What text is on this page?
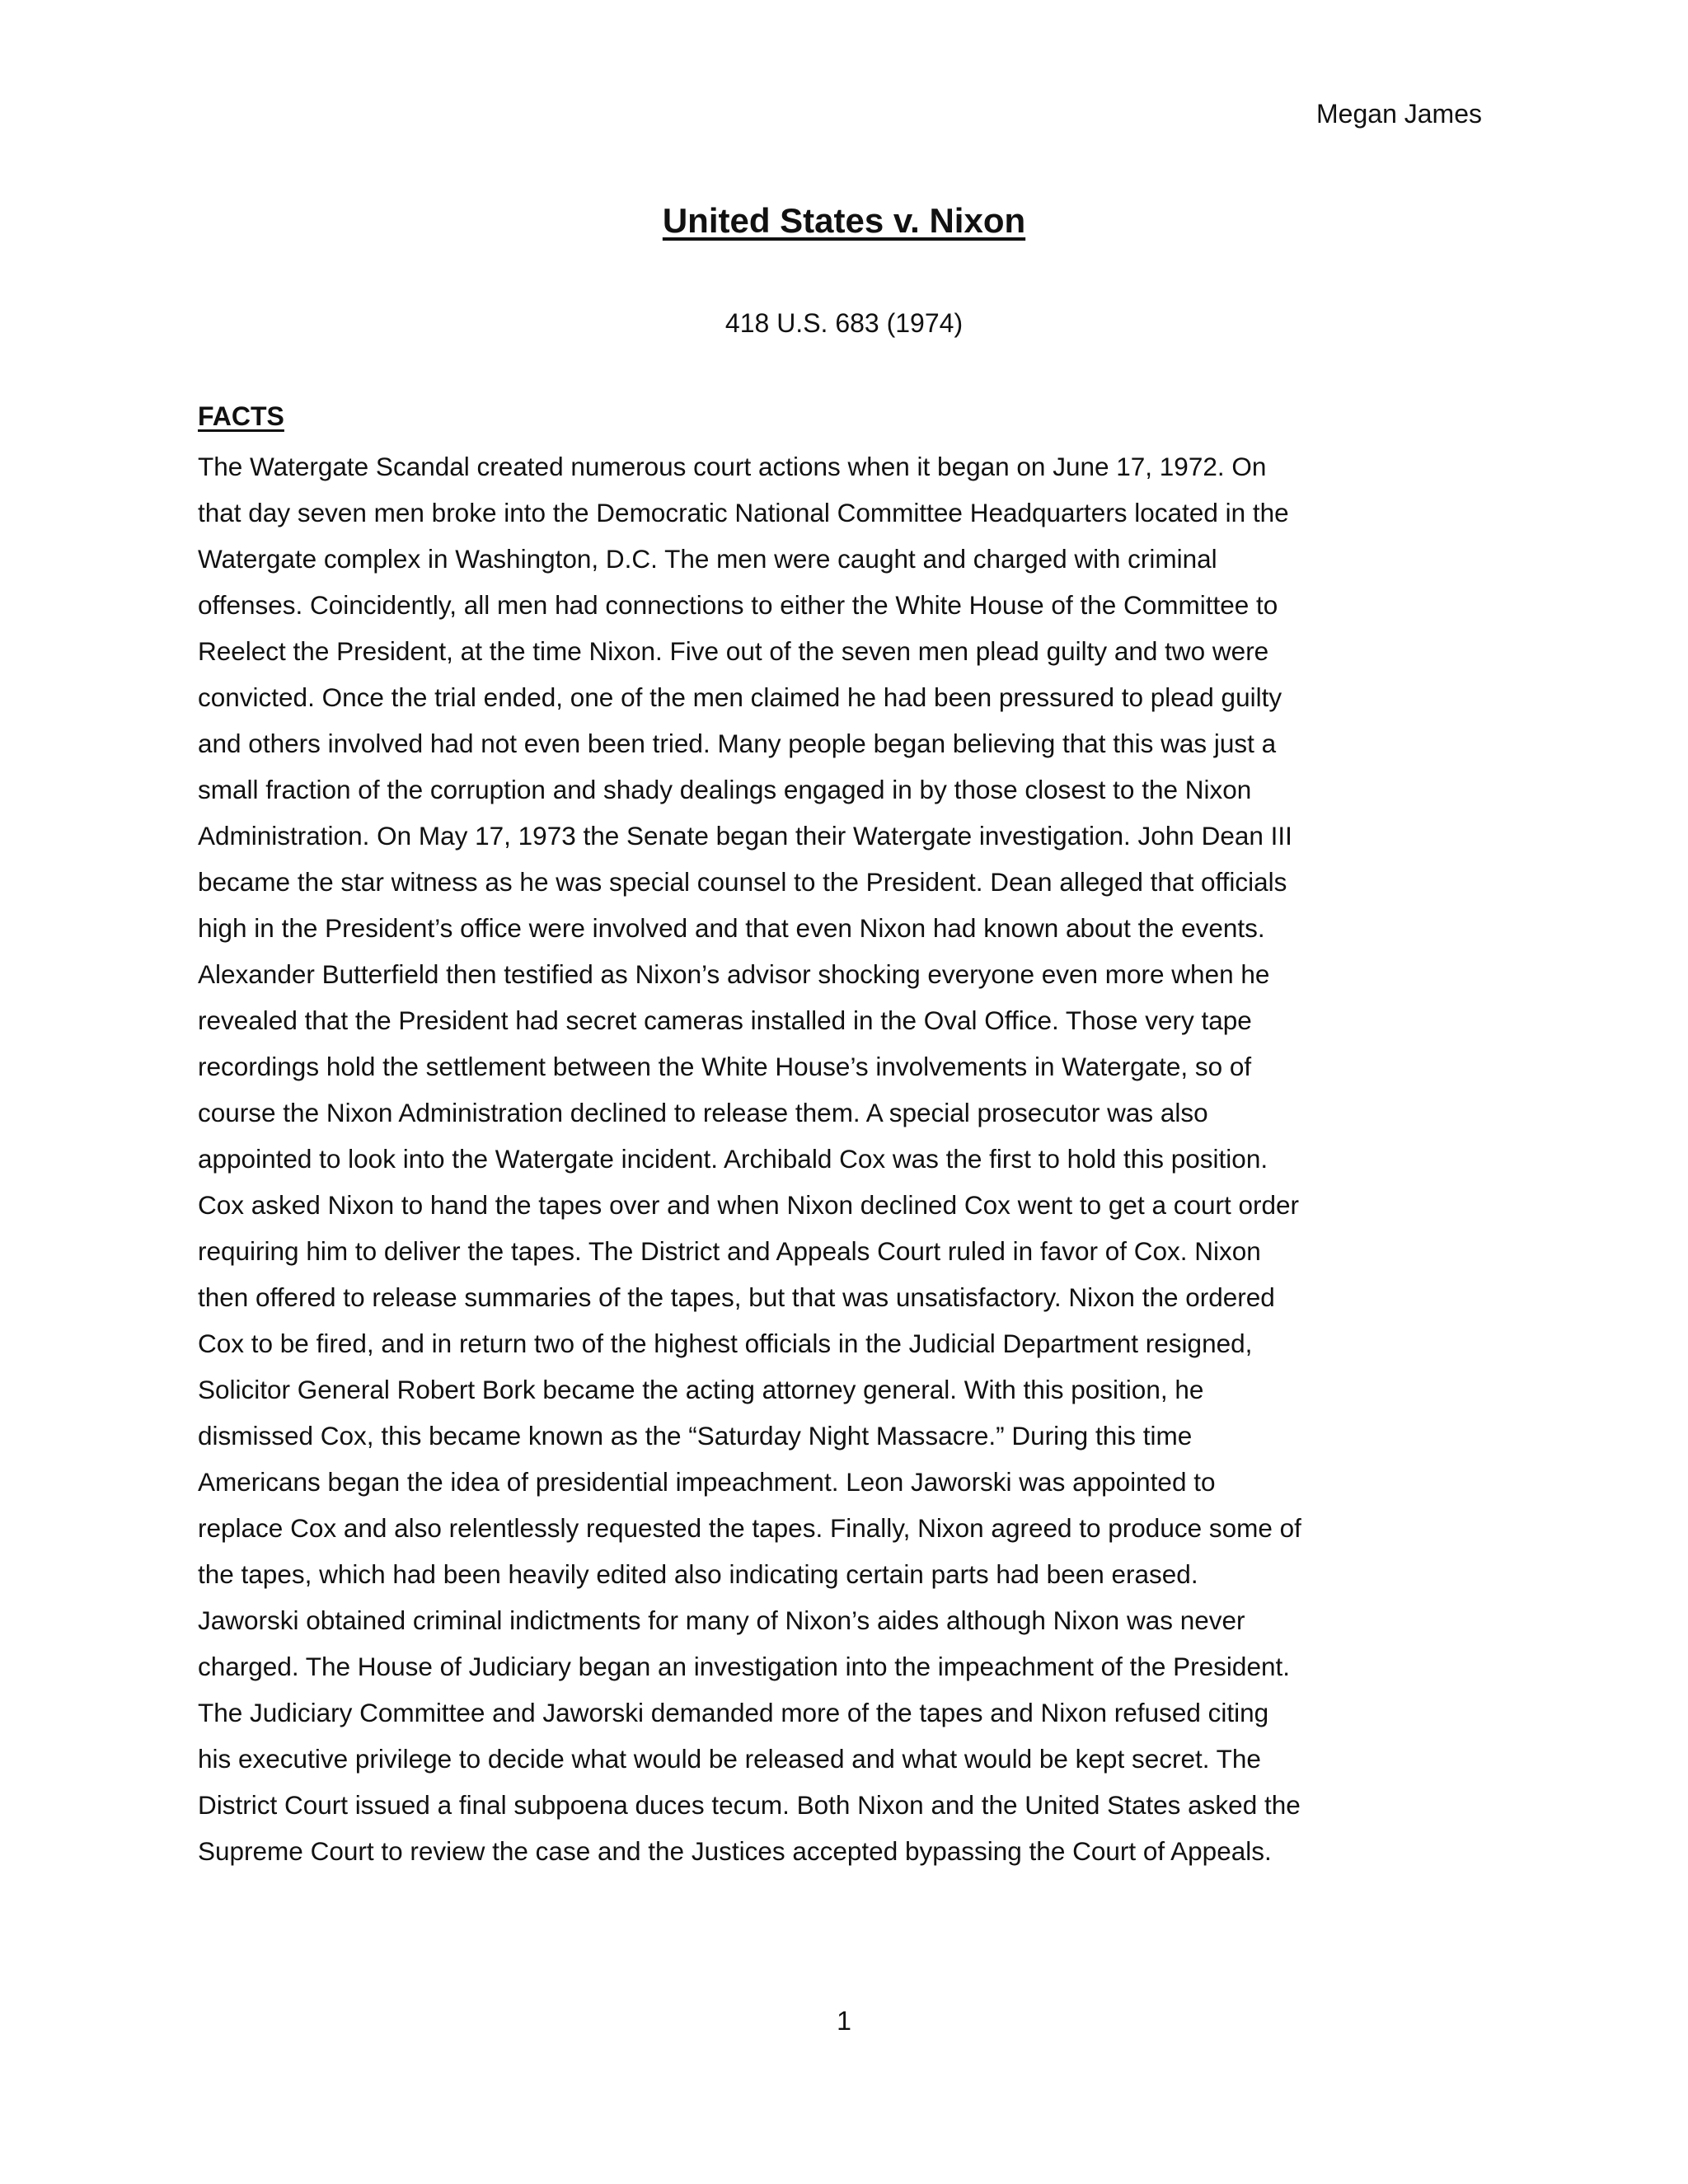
Megan James
United States v. Nixon
418 U.S. 683 (1974)
FACTS
The Watergate Scandal created numerous court actions when it began on June 17, 1972. On
that day seven men broke into the Democratic National Committee Headquarters located in the
Watergate complex in Washington, D.C. The men were caught and charged with criminal
offenses. Coincidently, all men had connections to either the White House of the Committee to
Reelect the President, at the time Nixon. Five out of the seven men plead guilty and two were
convicted. Once the trial ended, one of the men claimed he had been pressured to plead guilty
and others involved had not even been tried. Many people began believing that this was just a
small fraction of the corruption and shady dealings engaged in by those closest to the Nixon
Administration. On May 17, 1973 the Senate began their Watergate investigation. John Dean III
became the star witness as he was special counsel to the President. Dean alleged that officials
high in the President’s office were involved and that even Nixon had known about the events.
Alexander Butterfield then testified as Nixon’s advisor shocking everyone even more when he
revealed that the President had secret cameras installed in the Oval Office. Those very tape
recordings hold the settlement between the White House’s involvements in Watergate, so of
course the Nixon Administration declined to release them. A special prosecutor was also
appointed to look into the Watergate incident. Archibald Cox was the first to hold this position.
Cox asked Nixon to hand the tapes over and when Nixon declined Cox went to get a court order
requiring him to deliver the tapes. The District and Appeals Court ruled in favor of Cox. Nixon
then offered to release summaries of the tapes, but that was unsatisfactory. Nixon the ordered
Cox to be fired, and in return two of the highest officials in the Judicial Department resigned,
Solicitor General Robert Bork became the acting attorney general. With this position, he
dismissed Cox, this became known as the “Saturday Night Massacre.” During this time
Americans began the idea of presidential impeachment. Leon Jaworski was appointed to
replace Cox and also relentlessly requested the tapes. Finally, Nixon agreed to produce some of
the tapes, which had been heavily edited also indicating certain parts had been erased.
Jaworski obtained criminal indictments for many of Nixon’s aides although Nixon was never
charged. The House of Judiciary began an investigation into the impeachment of the President.
The Judiciary Committee and Jaworski demanded more of the tapes and Nixon refused citing
his executive privilege to decide what would be released and what would be kept secret. The
District Court issued a final subpoena duces tecum. Both Nixon and the United States asked the
Supreme Court to review the case and the Justices accepted bypassing the Court of Appeals.
1
